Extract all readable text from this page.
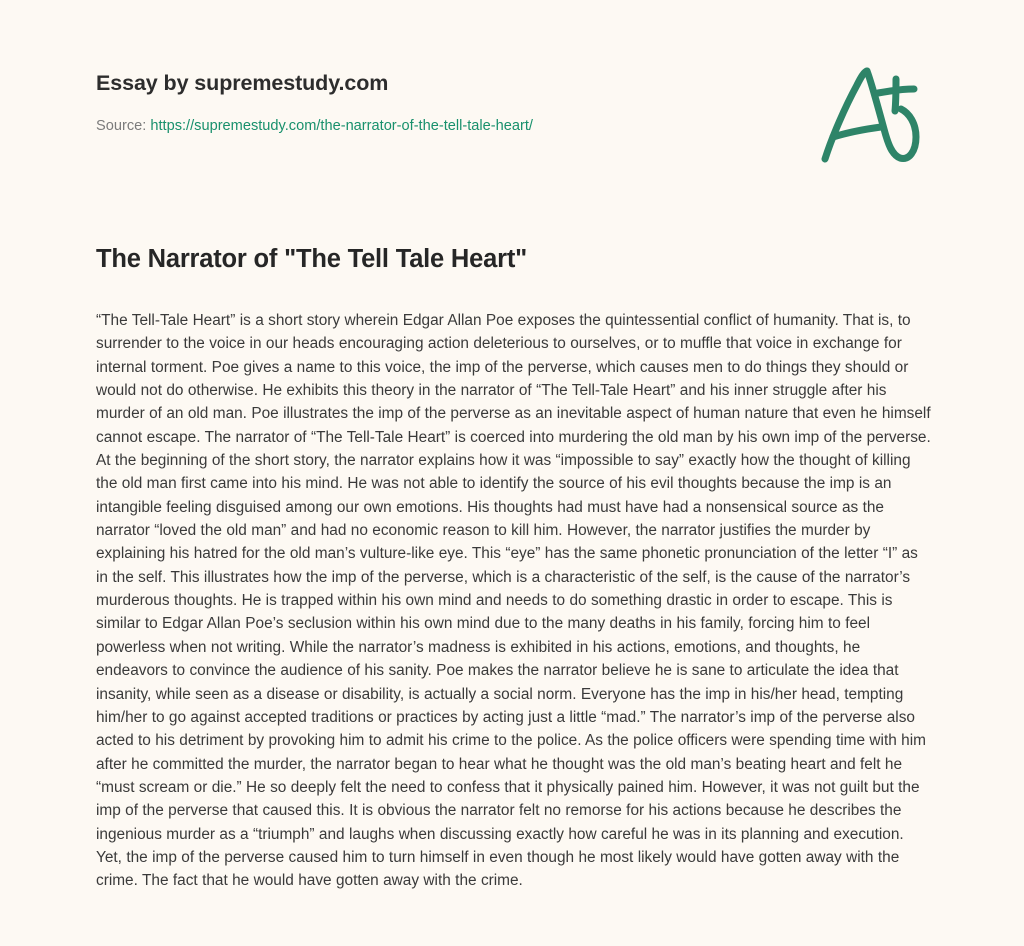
Essay by supremestudy.com
Source: https://supremestudy.com/the-narrator-of-the-tell-tale-heart/
The Narrator of "The Tell Tale Heart"

“The Tell-Tale Heart” is a short story wherein Edgar Allan Poe exposes the quintessential conflict of humanity. That is, to surrender to the voice in our heads encouraging action deleterious to ourselves, or to muffle that voice in exchange for internal torment. Poe gives a name to this voice, the imp of the perverse, which causes men to do things they should or would not do otherwise. He exhibits this theory in the narrator of “The Tell-Tale Heart” and his inner struggle after his murder of an old man. Poe illustrates the imp of the perverse as an inevitable aspect of human nature that even he himself cannot escape. The narrator of “The Tell-Tale Heart” is coerced into murdering the old man by his own imp of the perverse. At the beginning of the short story, the narrator explains how it was “impossible to say” exactly how the thought of killing the old man first came into his mind. He was not able to identify the source of his evil thoughts because the imp is an intangible feeling disguised among our own emotions. His thoughts had must have had a nonsensical source as the narrator “loved the old man” and had no economic reason to kill him. However, the narrator justifies the murder by explaining his hatred for the old man’s vulture-like eye. This “eye” has the same phonetic pronunciation of the letter “I” as in the self. This illustrates how the imp of the perverse, which is a characteristic of the self, is the cause of the narrator’s murderous thoughts. He is trapped within his own mind and needs to do something drastic in order to escape. This is similar to Edgar Allan Poe’s seclusion within his own mind due to the many deaths in his family, forcing him to feel powerless when not writing. While the narrator’s madness is exhibited in his actions, emotions, and thoughts, he endeavors to convince the audience of his sanity. Poe makes the narrator believe he is sane to articulate the idea that insanity, while seen as a disease or disability, is actually a social norm. Everyone has the imp in his/her head, tempting him/her to go against accepted traditions or practices by acting just a little “mad.” The narrator’s imp of the perverse also acted to his detriment by provoking him to admit his crime to the police. As the police officers were spending time with him after he committed the murder, the narrator began to hear what he thought was the old man’s beating heart and felt he “must scream or die.” He so deeply felt the need to confess that it physically pained him. However, it was not guilt but the imp of the perverse that caused this. It is obvious the narrator felt no remorse for his actions because he describes the ingenious murder as a “triumph” and laughs when discussing exactly how careful he was in its planning and execution. Yet, the imp of the perverse caused him to turn himself in even though he most likely would have gotten away with the crime. The fact that he would have gotten away with the crime.
